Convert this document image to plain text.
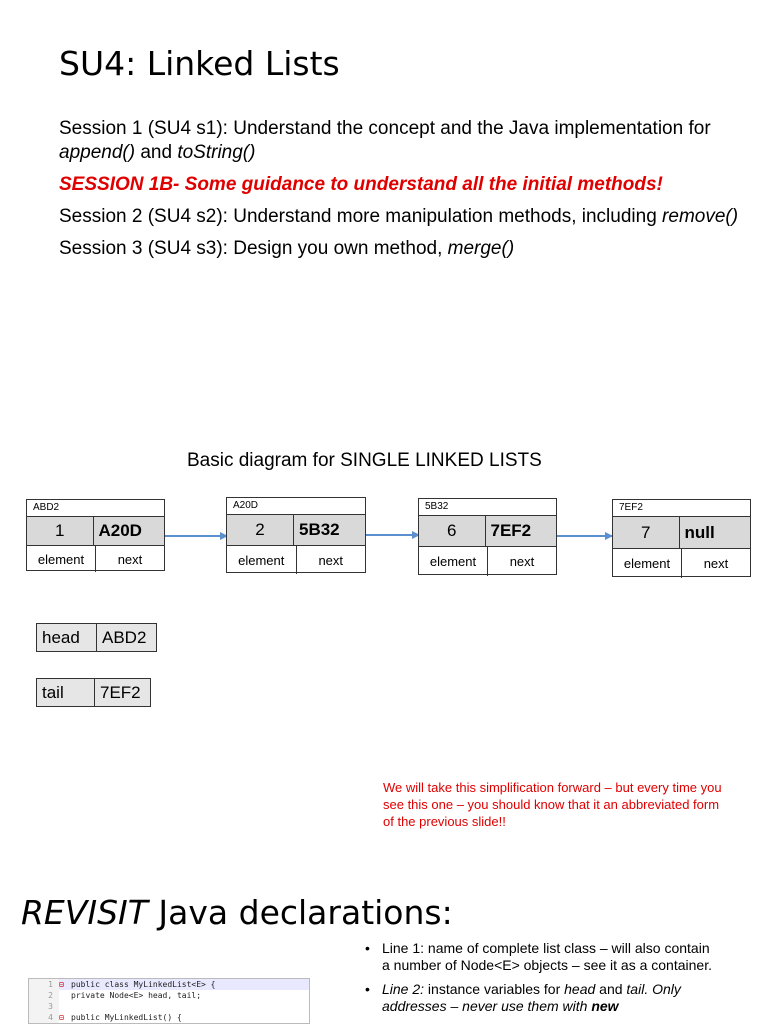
SU4: Linked Lists

Session 1 (SU4 s1): Understand the concept and the Java implementation for append() and toString()

SESSION 1B- Some guidance to understand all the initial methods!

Session 2 (SU4 s2): Understand more manipulation methods, including remove()

Session 3 (SU4 s3): Design you own method, merge()

Basic diagram for SINGLE LINKED LISTS
ABD2
1	A20D
element	next
A20D
2	5B32
element	next
5B32
6	7EF2
element	next
7EF2
7	null
element	next
head	ABD2
tail	7EF2
We will take this simplification forward – but every time you see this one – you should know that it an abbreviated form of the previous slide!!
REVISIT Java declarations:
1 ⊟ public class MyLinkedList<E> {
2	private Node<E> head, tail;
3
4 ⊟ public MyLinkedList() {
• Line 1: name of complete list class – will also contain a number of Node<E> objects – see it as a container.
• Line 2: instance variables for head and tail. Only addresses – never use them with new
